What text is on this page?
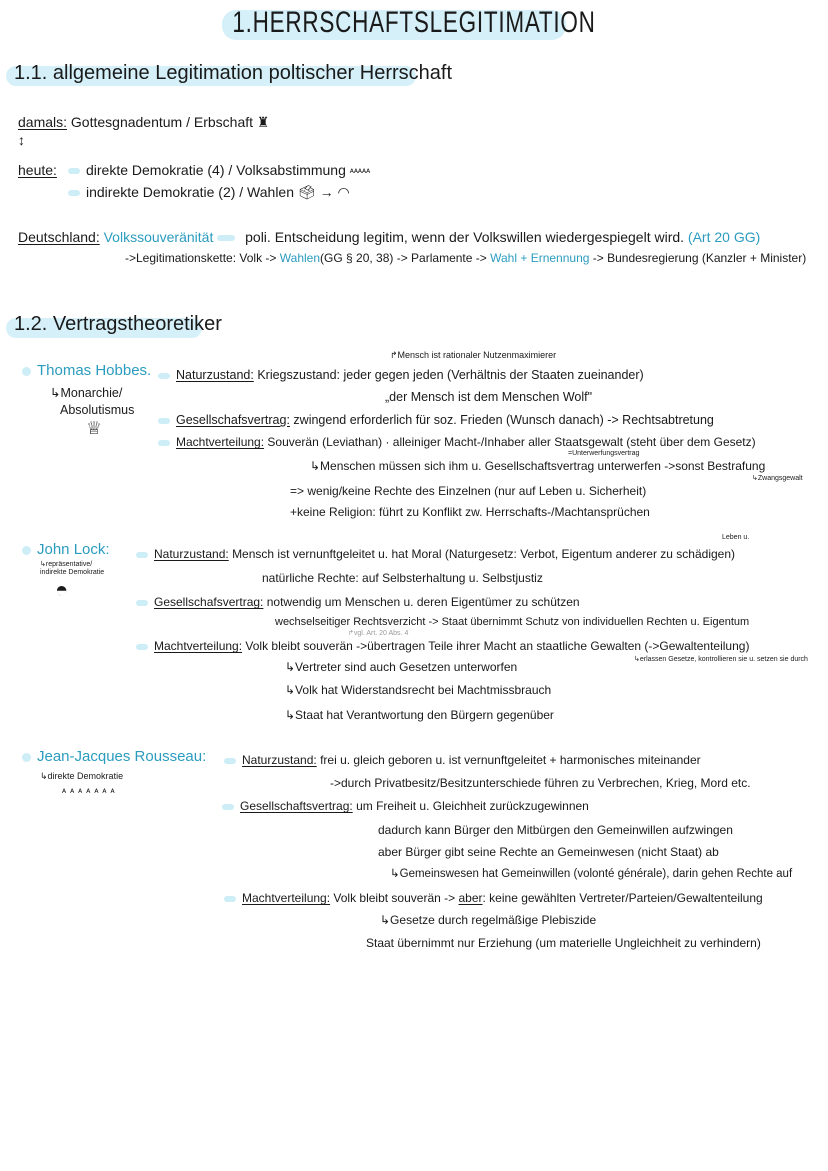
1.HERRSCHAFTSLEGITIMATION
1.1. allgemeine Legitimation poltischer Herrschaft
damals: Gottesgnadentum / Erbschaft ♜
↕
heute:	direkte Demokratie (4) / Volksabstimmung ᴬᴬᴬᴬᴬ
indirekte Demokratie (2) / Wahlen 🗳 → ◠
Deutschland: Volkssouveränität poli. Entscheidung legitim, wenn der Volkswillen wiedergespiegelt wird. (Art 20 GG)
->Legitimationskette: Volk -> Wahlen(GG § 20, 38) -> Parlamente -> Wahl + Ernennung -> Bundesregierung (Kanzler + Minister)
1.2. Vertragstheoretiker
Thomas Hobbes.
↳Monarchie/
Absolutismus
♕
↱Mensch ist rationaler Nutzenmaximierer
Naturzustand: Kriegszustand: jeder gegen jeden (Verhältnis der Staaten zueinander)
„der Mensch ist dem Menschen Wolf"
Gesellschafsvertrag: zwingend erforderlich für soz. Frieden (Wunsch danach) -> Rechtsabtretung
Machtverteilung: Souverän (Leviathan) · alleiniger Macht-/Inhaber aller Staatsgewalt (steht über dem Gesetz)
=Unterwerfungsvertrag
↳Menschen müssen sich ihm u. Gesellschaftsvertrag unterwerfen ->sonst Bestrafung
↳Zwangsgewalt
=> wenig/keine Rechte des Einzelnen (nur auf Leben u. Sicherheit)
+keine Religion: führt zu Konflikt zw. Herrschafts-/Machtansprüchen
John Lock:
↳repräsentative/ indirekte Demokratie
◓
Leben u.
Naturzustand: Mensch ist vernunftgeleitet u. hat Moral (Naturgesetz: Verbot, Eigentum anderer zu schädigen)
natürliche Rechte: auf Selbsterhaltung u. Selbstjustiz
Gesellschafsvertrag: notwendig um Menschen u. deren Eigentümer zu schützen
wechselseitiger Rechtsverzicht -> Staat übernimmt Schutz von individuellen Rechten u. Eigentum
↱vgl. Art. 20 Abs. 4
Machtverteilung: Volk bleibt souverän ->übertragen Teile ihrer Macht an staatliche Gewalten (->Gewaltenteilung)
↳erlassen Gesetze, kontrollieren sie u. setzen sie durch
↳Vertreter sind auch Gesetzen unterworfen
↳Volk hat Widerstandsrecht bei Machtmissbrauch
↳Staat hat Verantwortung den Bürgern gegenüber
Jean-Jacques Rousseau:
↳direkte Demokratie
ᴬᴬᴬᴬᴬᴬᴬ
Naturzustand: frei u. gleich geboren u. ist vernunftgeleitet + harmonisches miteinander
->durch Privatbesitz/Besitzunterschiede führen zu Verbrechen, Krieg, Mord etc.
Gesellschaftsvertrag: um Freiheit u. Gleichheit zurückzugewinnen
dadurch kann Bürger den Mitbürgen den Gemeinwillen aufzwingen
aber Bürger gibt seine Rechte an Gemeinwesen (nicht Staat) ab
↳Gemeinswesen hat Gemeinwillen (volonté générale), darin gehen Rechte auf
Machtverteilung: Volk bleibt souverän -> aber: keine gewählten Vertreter/Parteien/Gewaltenteilung
↳Gesetze durch regelmäßige Plebiszide
Staat übernimmt nur Erziehung (um materielle Ungleichheit zu verhindern)
